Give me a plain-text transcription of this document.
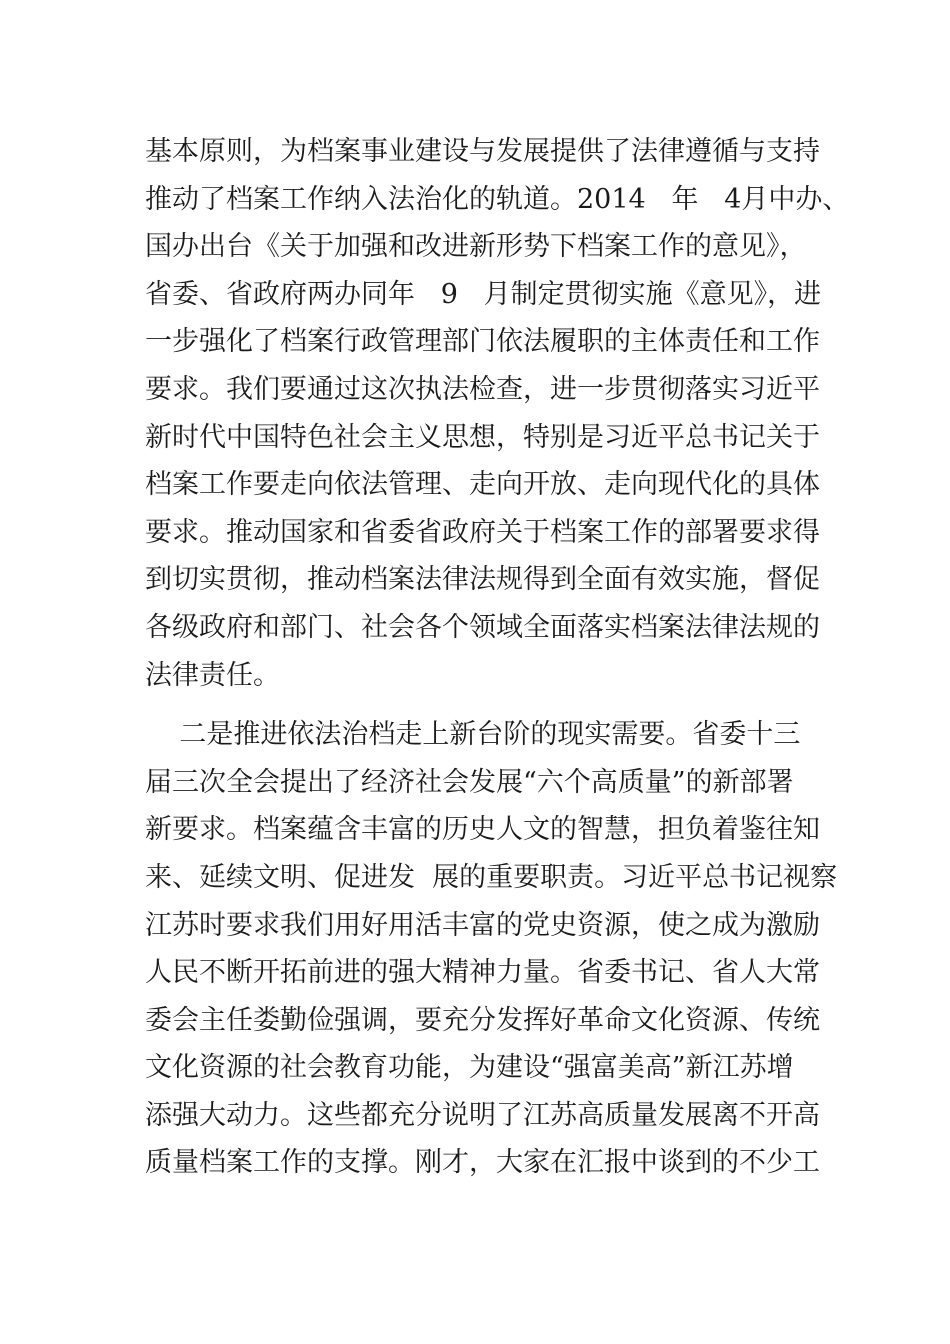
基本原则，为档案事业建设与发展提供了法律遵循与支持
推动了档案工作纳入法治化的轨道。2014   年   4月中办、
国办出台《关于加强和改进新形势下档案工作的意见》，
省委、省政府两办同年   9   月制定贯彻实施《意见》，进
一步强化了档案行政管理部门依法履职的主体责任和工作
要求。我们要通过这次执法检查，进一步贯彻落实习近平
新时代中国特色社会主义思想，特别是习近平总书记关于
档案工作要走向依法管理、走向开放、走向现代化的具体
要求。推动国家和省委省政府关于档案工作的部署要求得
到切实贯彻，推动档案法律法规得到全面有效实施，督促
各级政府和部门、社会各个领域全面落实档案法律法规的
法律责任。
二是推进依法治档走上新台阶的现实需要。省委十三
届三次全会提出了经济社会发展“六个高质量”的新部署
新要求。档案蕴含丰富的历史人文的智慧，担负着鉴往知
来、延续文明、促进发  展的重要职责。习近平总书记视察
江苏时要求我们用好用活丰富的党史资源，使之成为激励
人民不断开拓前进的强大精神力量。省委书记、省人大常
委会主任娄勤俭强调，要充分发挥好革命文化资源、传统
文化资源的社会教育功能，为建设“强富美高”新江苏增
添强大动力。这些都充分说明了江苏高质量发展离不开高
质量档案工作的支撑。刚才，大家在汇报中谈到的不少工
